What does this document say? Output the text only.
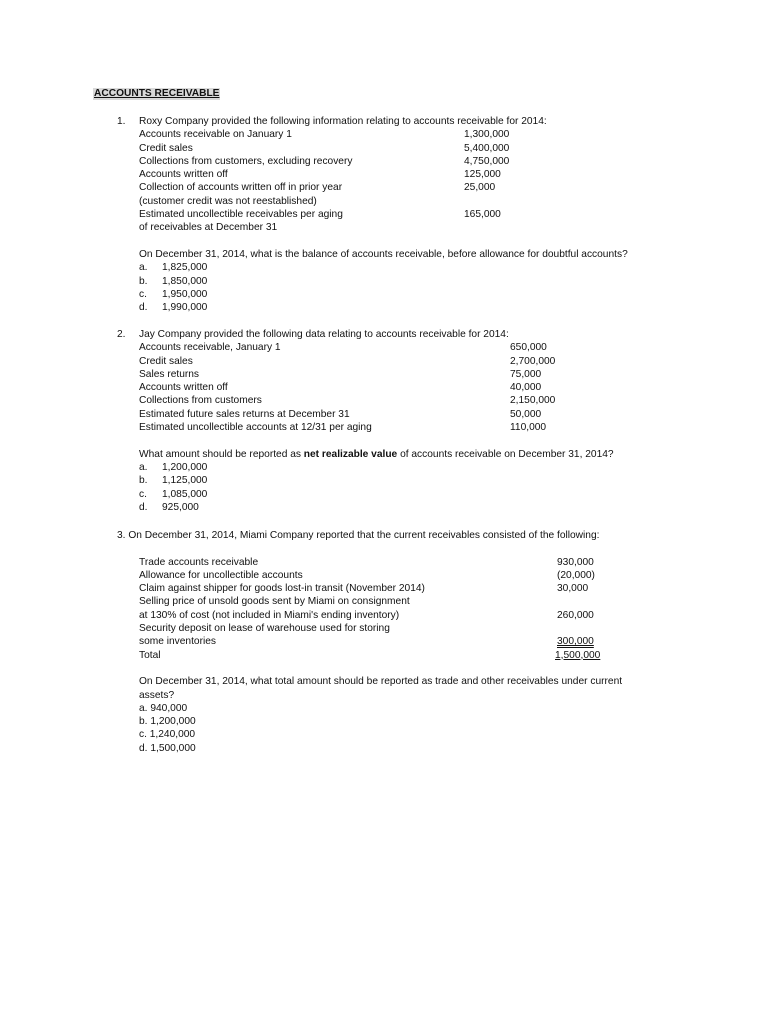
ACCOUNTS RECEIVABLE
1. Roxy Company provided the following information relating to accounts receivable for 2014:
Accounts receivable on January 1	1,300,000
Credit sales	5,400,000
Collections from customers, excluding recovery	4,750,000
Accounts written off	125,000
Collection of accounts written off in prior year	25,000
(customer credit was not reestablished)
Estimated uncollectible receivables per aging	165,000
of receivables at December 31
On December 31, 2014, what is the balance of accounts receivable, before allowance for doubtful accounts?
a. 1,825,000
b. 1,850,000
c. 1,950,000
d. 1,990,000
2. Jay Company provided the following data relating to accounts receivable for 2014:
Accounts receivable, January 1	650,000
Credit sales	2,700,000
Sales returns	75,000
Accounts written off	40,000
Collections from customers	2,150,000
Estimated future sales returns at December 31	50,000
Estimated uncollectible accounts at 12/31 per aging	110,000
What amount should be reported as net realizable value of accounts receivable on December 31, 2014?
a. 1,200,000
b. 1,125,000
c. 1,085,000
d. 925,000
3. On December 31, 2014, Miami Company reported that the current receivables consisted of the following:
Trade accounts receivable	930,000
Allowance for uncollectible accounts	(20,000)
Claim against shipper for goods lost-in transit (November 2014)	30,000
Selling price of unsold goods sent by Miami on consignment
at 130% of cost (not included in Miami's ending inventory)	260,000
Security deposit on lease of warehouse used for storing
some inventories	300,000
Total	1,500,000
On December 31, 2014, what total amount should be reported as trade and other receivables under current
assets?
a. 940,000
b. 1,200,000
c. 1,240,000
d. 1,500,000
